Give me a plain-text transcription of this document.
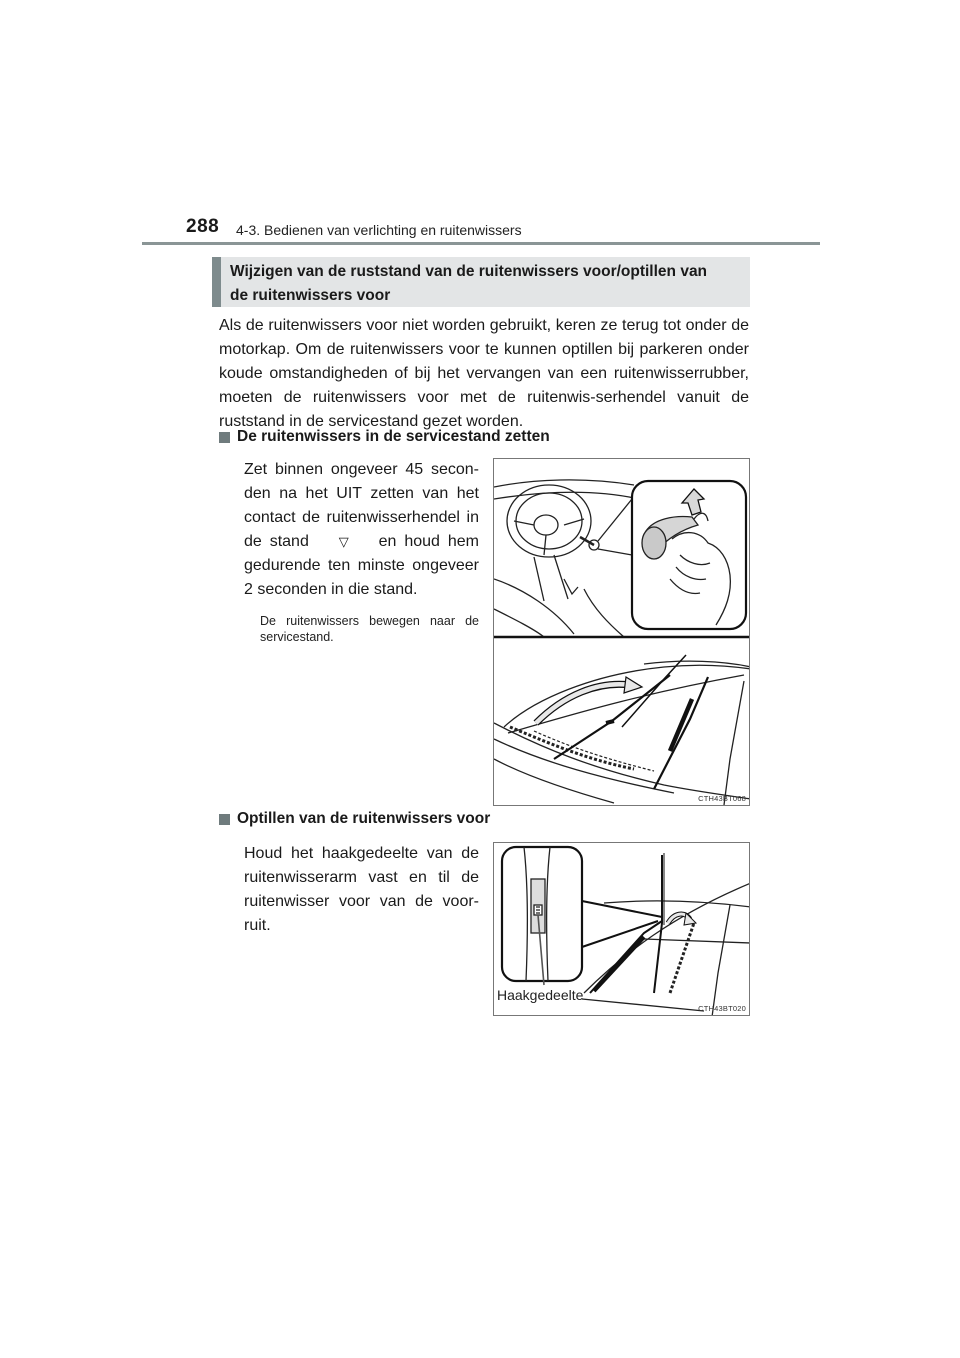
288 4-3. Bedienen van verlichting en ruitenwissers
Wijzigen van de ruststand van de ruitenwissers voor/optillen van
de ruitenwissers voor

Als de ruitenwissers voor niet worden gebruikt, keren ze terug tot onder de motorkap. Om de ruitenwissers voor te kunnen optillen bij parkeren onder koude omstandigheden of bij het vervangen van een ruitenwisserrubber, moeten de ruitenwissers voor met de ruitenwis-serhendel vanuit de ruststand in de servicestand gezet worden.

De ruitenwissers in de servicestand zetten

Zet binnen ongeveer 45 secon-den na het UIT zetten van het contact de ruitenwisserhendel in de stand ▽ en houd hem gedurende ten minste ongeveer 2 seconden in die stand.

De ruitenwissers bewegen naar de servicestand.

CTH43BT068
Optillen van de ruitenwissers voor

Houd het haakgedeelte van de ruitenwisserarm vast en til de ruitenwisser voor van de voor-ruit.

Haakgedeelte
CTH43BT020
